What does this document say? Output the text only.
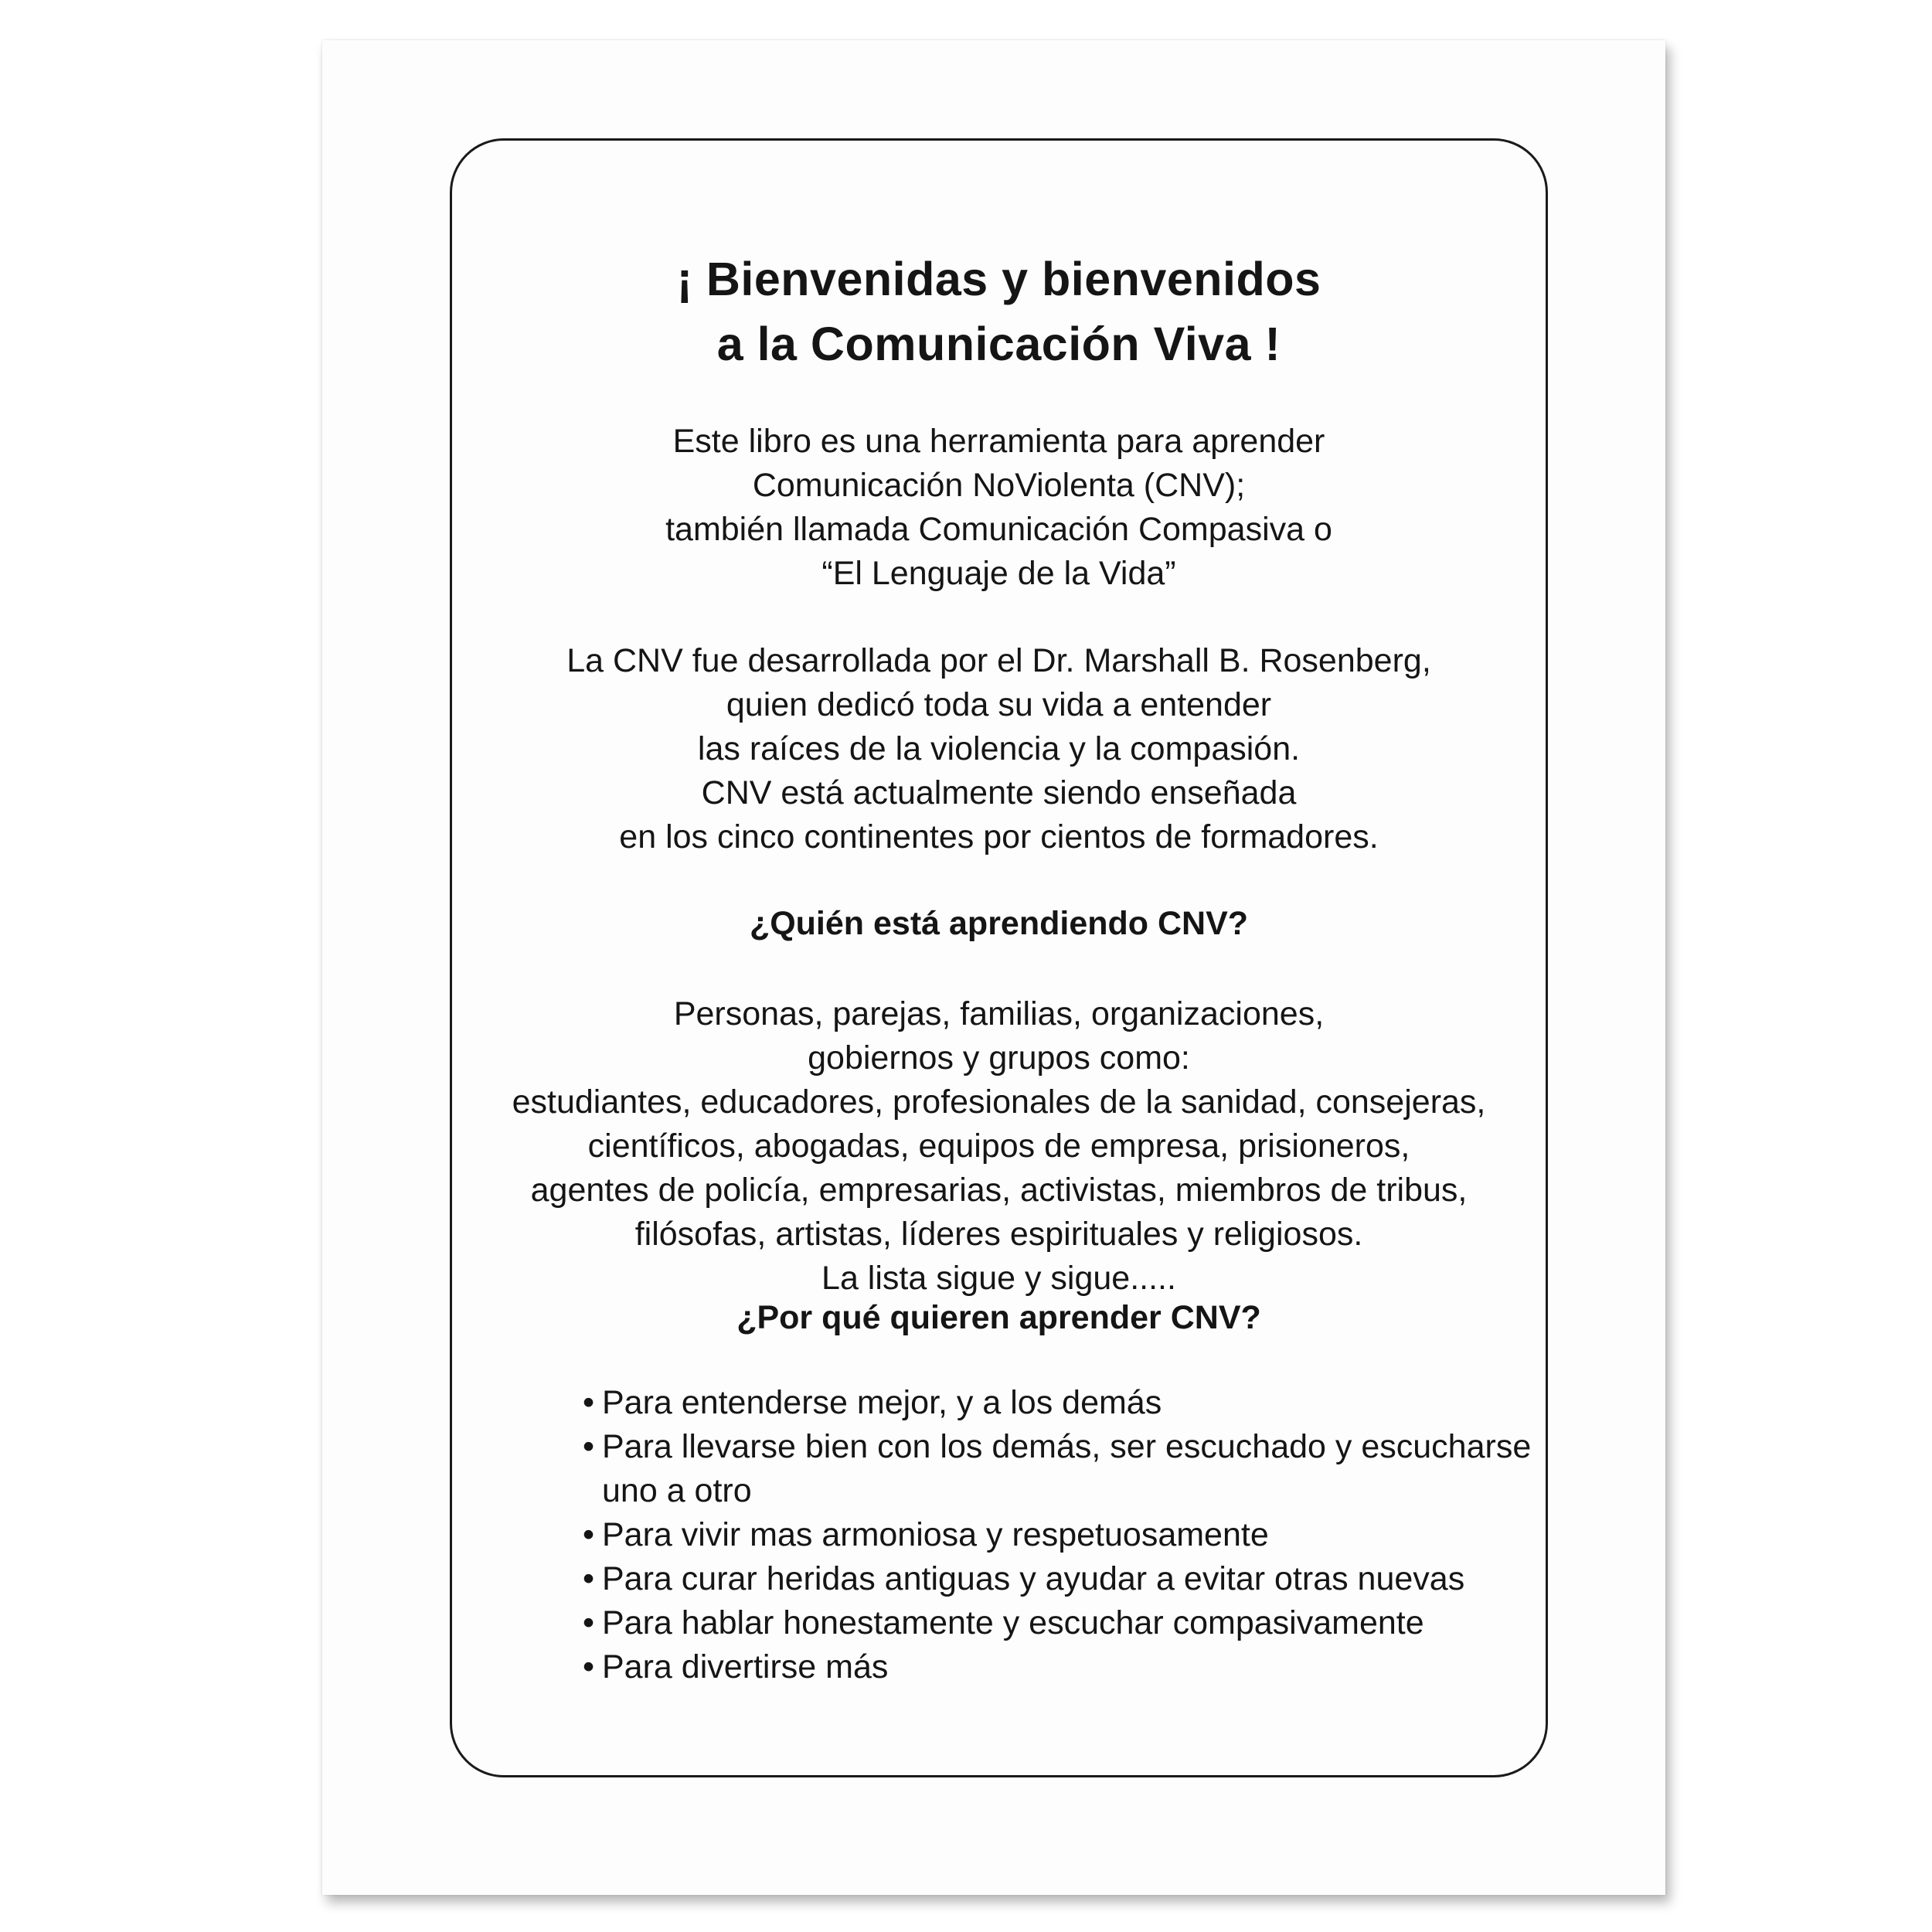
¡ Bienvenidas y bienvenidos
a la Comunicación Viva !
Este libro es una herramienta para aprender
Comunicación NoViolenta (CNV);
también llamada Comunicación Compasiva o
“El Lenguaje de la Vida”
La CNV fue desarrollada por el Dr. Marshall B. Rosenberg,
quien dedicó toda su vida a entender
las raíces de la violencia y la compasión.
CNV está actualmente siendo enseñada
en los cinco continentes por cientos de formadores.
¿Quién está aprendiendo CNV?
Personas, parejas, familias, organizaciones,
gobiernos y grupos como:
estudiantes, educadores, profesionales de la sanidad, consejeras,
científicos, abogadas, equipos de empresa, prisioneros,
agentes de policía, empresarias, activistas, miembros de tribus,
filósofas, artistas, líderes espirituales y religiosos.
La lista sigue y sigue.....
¿Por qué quieren aprender CNV?
• Para entenderse mejor, y a los demás
• Para llevarse bien con los demás, ser escuchado y escucharse uno a otro
• Para vivir mas armoniosa y respetuosamente
• Para curar heridas antiguas y ayudar a evitar otras nuevas
• Para hablar honestamente y escuchar compasivamente
• Para divertirse más
